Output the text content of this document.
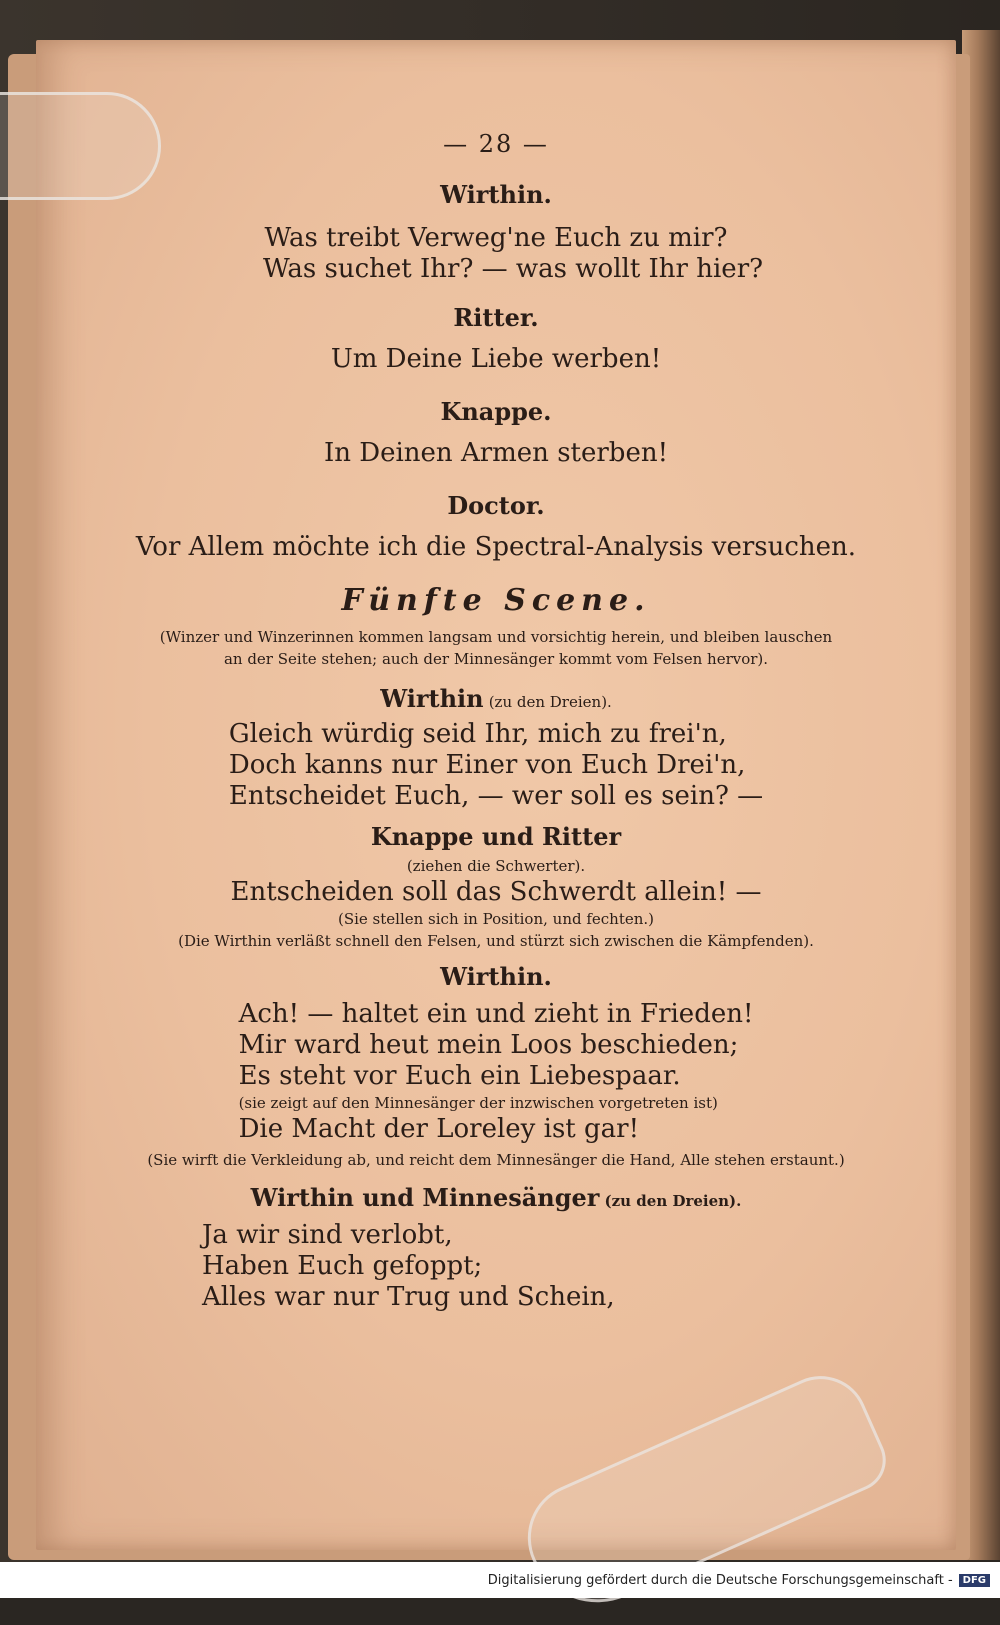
— 28 —
Wirthin.
Was treibt Verweg'ne Euch zu mir?
Was suchet Ihr? — was wollt Ihr hier?
Ritter.
Um Deine Liebe werben!
Knappe.
In Deinen Armen sterben!
Doctor.
Vor Allem möchte ich die Spectral-Analysis versuchen.
Fünfte Scene.
(Winzer und Winzerinnen kommen langsam und vorsichtig herein, und bleiben lauschen
an der Seite stehen; auch der Minnesänger kommt vom Felsen hervor).
Wirthin (zu den Dreien).
Gleich würdig seid Ihr, mich zu frei'n,
Doch kanns nur Einer von Euch Drei'n,
Entscheidet Euch, — wer soll es sein? —
Knappe und Ritter
(ziehen die Schwerter).
Entscheiden soll das Schwerdt allein! —
(Sie stellen sich in Position, und fechten.)
(Die Wirthin verläßt schnell den Felsen, und stürzt sich zwischen die Kämpfenden).
Wirthin.
Ach! — haltet ein und zieht in Frieden!
Mir ward heut mein Loos beschieden;
Es steht vor Euch ein Liebespaar.
(sie zeigt auf den Minnesänger der inzwischen vorgetreten ist)
Die Macht der Loreley ist gar!
(Sie wirft die Verkleidung ab, und reicht dem Minnesänger die Hand, Alle stehen erstaunt.)
Wirthin und Minnesänger (zu den Dreien).
Ja wir sind verlobt,
Haben Euch gefoppt;
Alles war nur Trug und Schein,
Digitalisierung gefördert durch die Deutsche Forschungsgemeinschaft -	DFG
